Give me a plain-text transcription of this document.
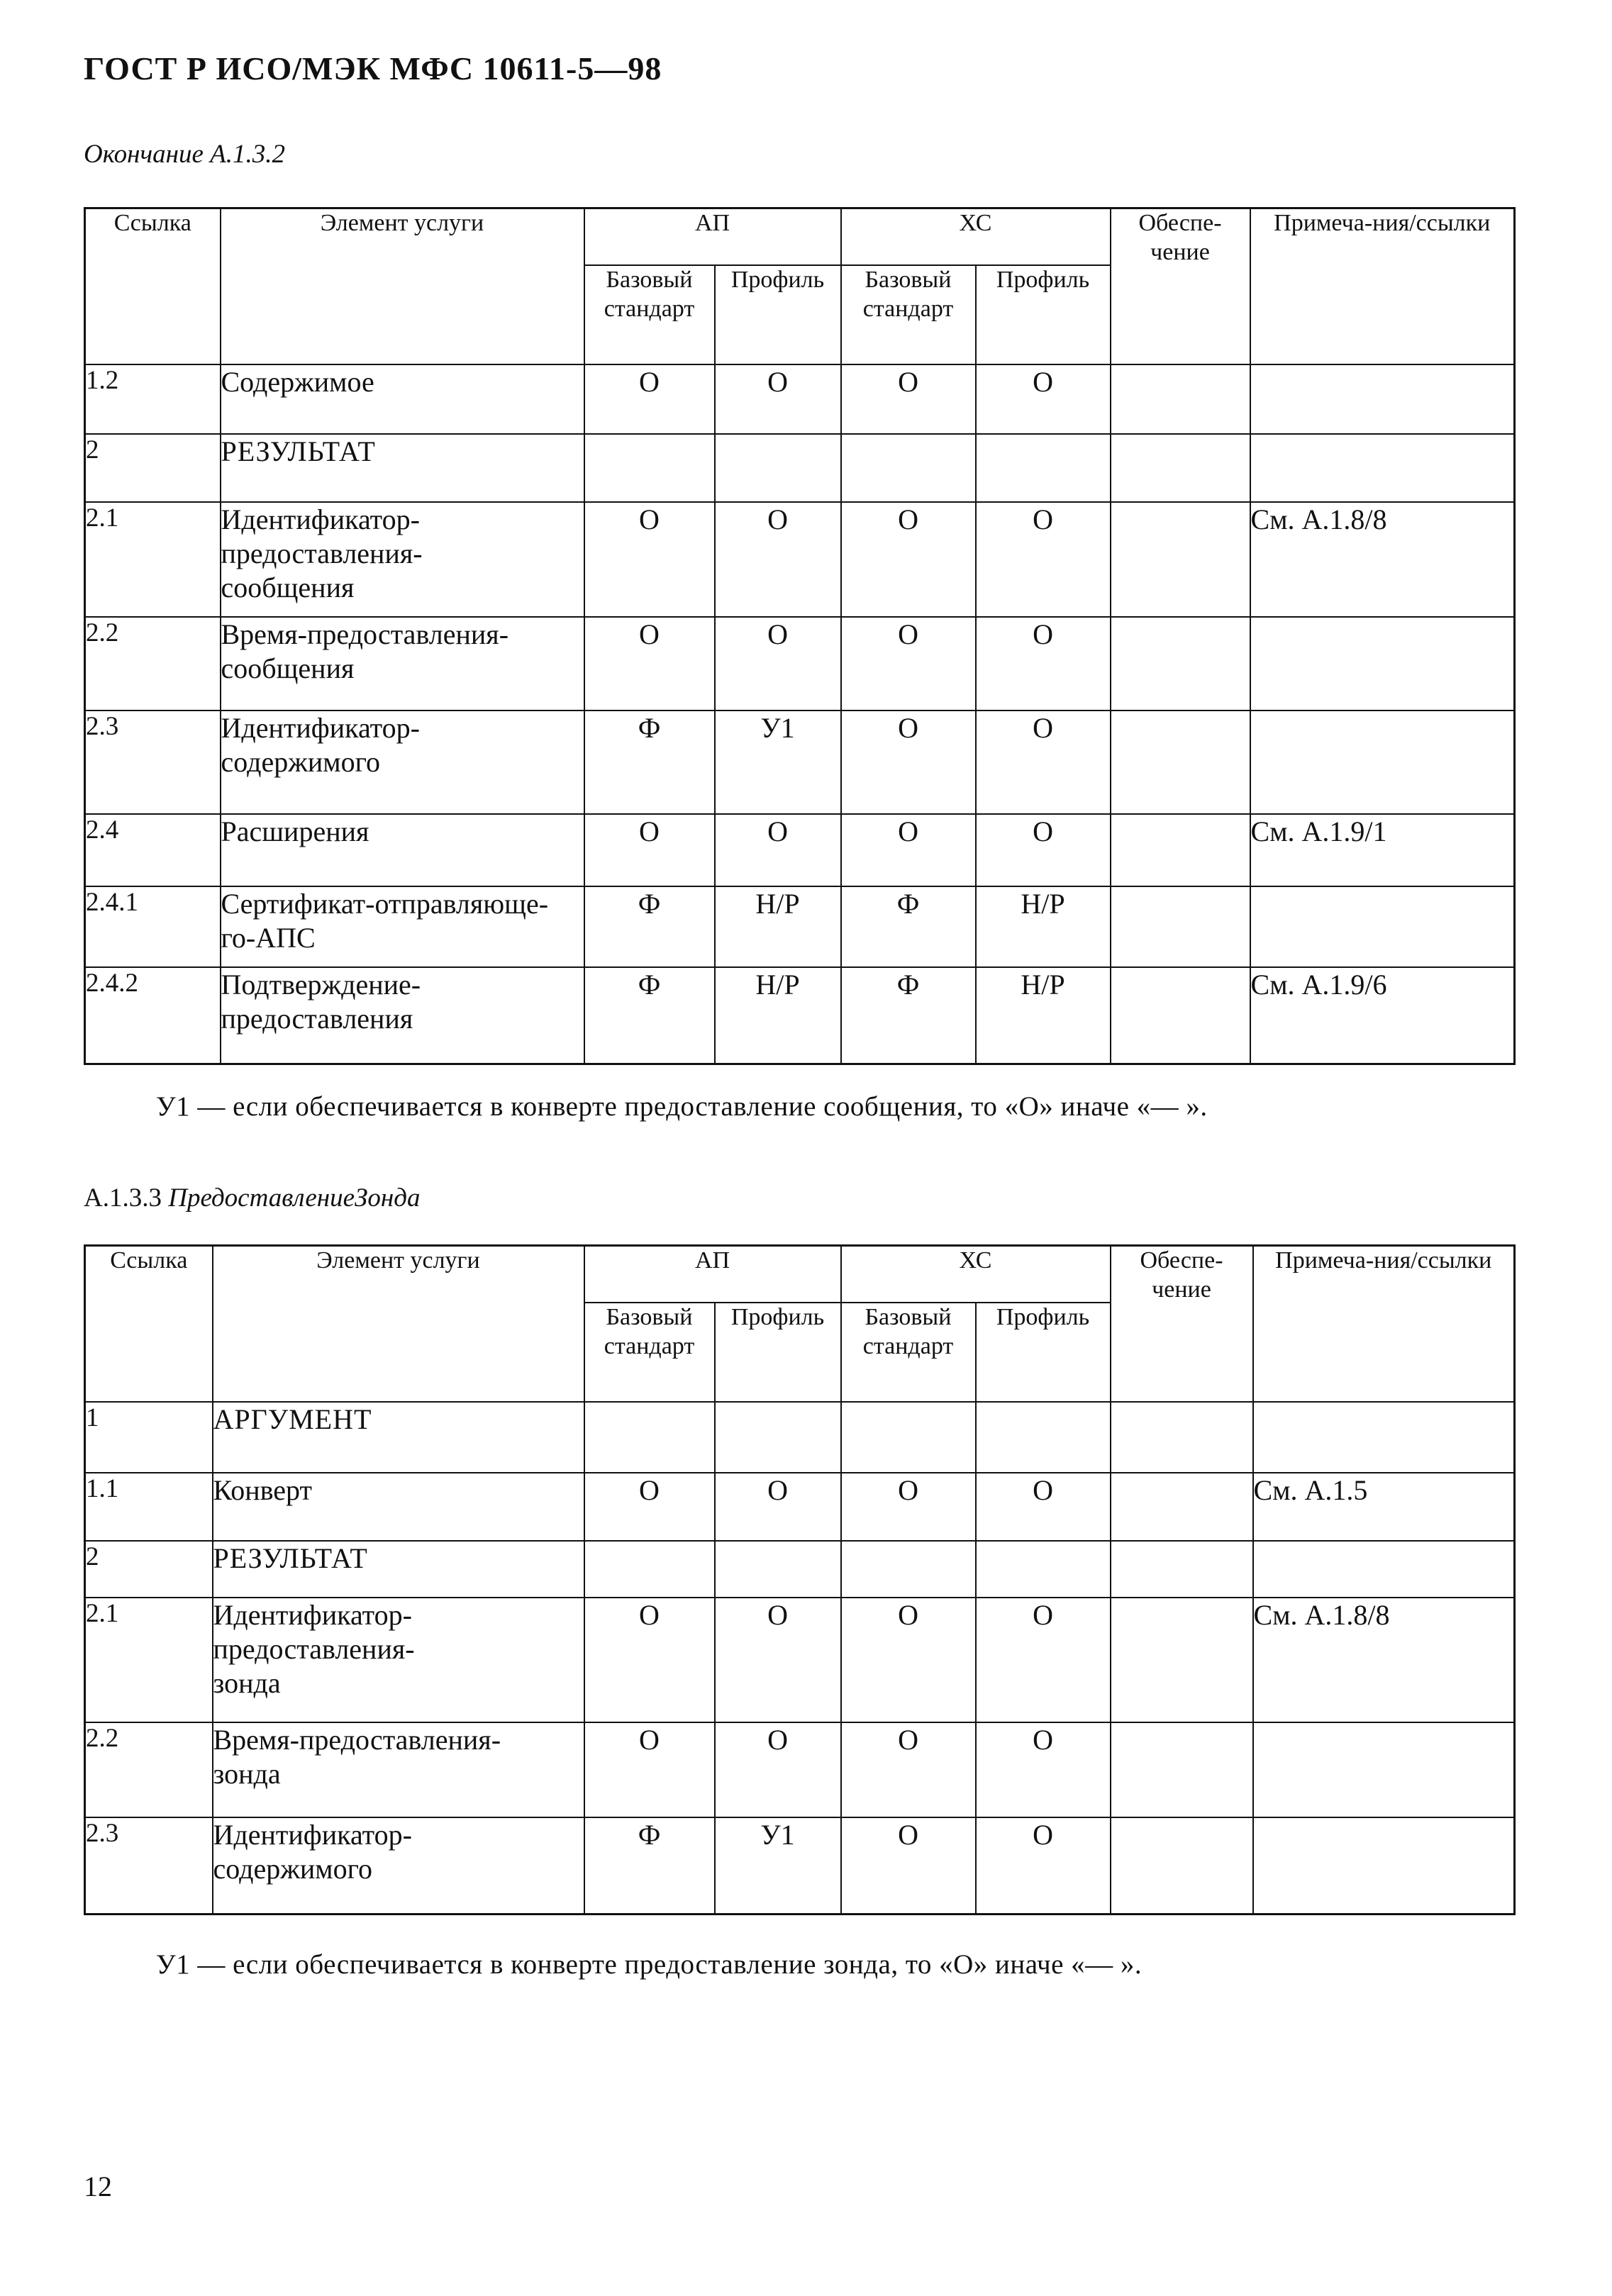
ГОСТ Р ИСО/МЭК МФС 10611-5—98

Окончание A.1.3.2

Ссылка	Элемент услуги	АП		ХС		Обеспе-чение	Примеча-ния/ссылки
		Базовый стандарт	Профиль	Базовый стандарт	Профиль		
1.2	Содержимое	О	О	О	О		
2	РЕЗУЛЬТАТ						
2.1	Идентификатор-
предоставления-
сообщения	О	О	О	О		См. A.1.8/8
2.2	Время-предоставления-
сообщения	О	О	О	О		
2.3	Идентификатор-
содержимого	Ф	У1	О	О		
2.4	Расширения	О	О	О	О		См. A.1.9/1
2.4.1	Сертификат-отправляюще-
го-АПС	Ф	Н/Р	Ф	Н/Р		
2.4.2	Подтверждение-
предоставления	Ф	Н/Р	Ф	Н/Р		См. A.1.9/6

У1 — если обеспечивается в конверте предоставление сообщения, то «О» иначе «— ».

A.1.3.3 ПредоставлениеЗонда

Ссылка	Элемент услуги	АП		ХС		Обеспе-чение	Примеча-ния/ссылки
		Базовый стандарт	Профиль	Базовый стандарт	Профиль		
1	АРГУМЕНТ						
1.1	Конверт	О	О	О	О		См. A.1.5
2	РЕЗУЛЬТАТ						
2.1	Идентификатор-
предоставления-
зонда	О	О	О	О		См. A.1.8/8
2.2	Время-предоставления-
зонда	О	О	О	О		
2.3	Идентификатор-
содержимого	Ф	У1	О	О		

У1 — если обеспечивается в конверте предоставление зонда, то «О» иначе «— ».

12
